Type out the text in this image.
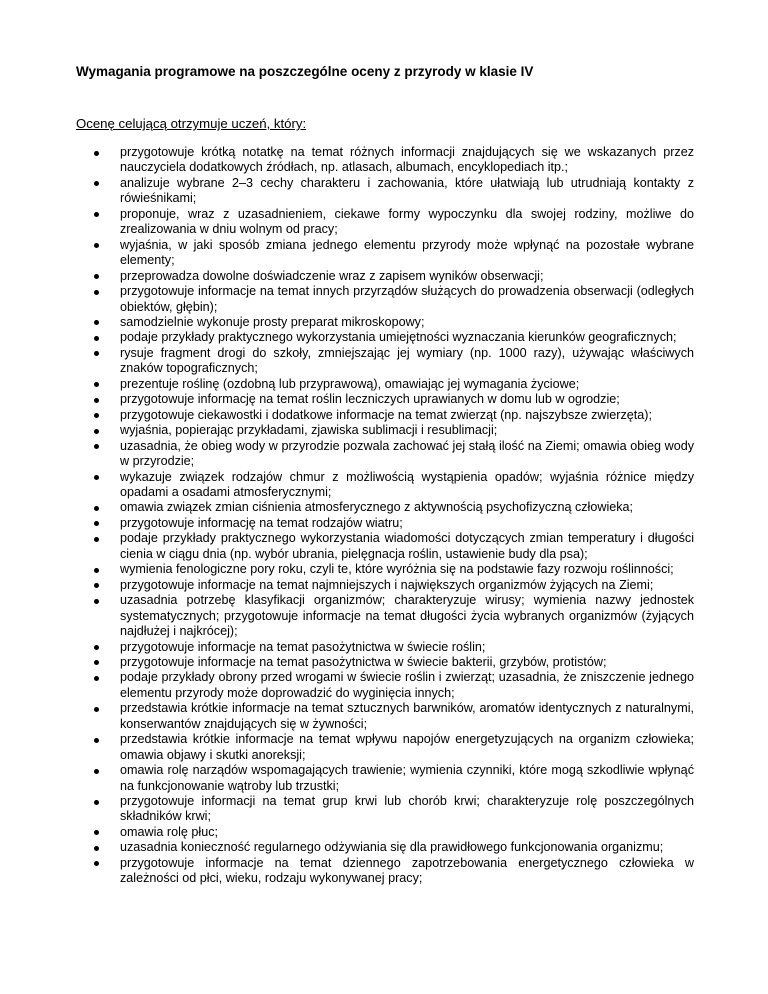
Wymagania programowe na poszczególne oceny z przyrody w klasie IV
Ocenę celującą otrzymuje uczeń, który:
przygotowuje krótką notatkę na temat różnych informacji znajdujących się we wskazanych przez nauczyciela dodatkowych źródłach, np. atlasach, albumach, encyklopediach itp.;
analizuje wybrane 2–3 cechy charakteru i zachowania, które ułatwiają lub utrudniają kontakty z rówieśnikami;
proponuje, wraz z uzasadnieniem, ciekawe formy wypoczynku dla swojej rodziny, możliwe do zrealizowania w dniu wolnym od pracy;
wyjaśnia, w jaki sposób zmiana jednego elementu przyrody może wpłynąć na pozostałe wybrane elementy;
przeprowadza dowolne doświadczenie wraz z zapisem wyników obserwacji;
przygotowuje informacje na temat innych przyrządów służących do prowadzenia obserwacji (odległych obiektów, głębin);
samodzielnie wykonuje prosty preparat mikroskopowy;
podaje przykłady praktycznego wykorzystania umiejętności wyznaczania kierunków geograficznych;
rysuje fragment drogi do szkoły, zmniejszając jej wymiary (np. 1000 razy), używając właściwych znaków topograficznych;
prezentuje roślinę (ozdobną lub przyprawową), omawiając jej wymagania życiowe;
przygotowuje informację na temat roślin leczniczych uprawianych w domu lub w ogrodzie;
przygotowuje ciekawostki i dodatkowe informacje na temat zwierząt (np. najszybsze zwierzęta);
wyjaśnia, popierając przykładami, zjawiska sublimacji i resublimacji;
uzasadnia, że obieg wody w przyrodzie pozwala zachować jej stałą ilość na Ziemi; omawia obieg wody w przyrodzie;
wykazuje związek rodzajów chmur z możliwością wystąpienia opadów; wyjaśnia różnice między opadami a osadami atmosferycznymi;
omawia związek zmian ciśnienia atmosferycznego z aktywnością psychofizyczną człowieka;
przygotowuje informację na temat rodzajów wiatru;
podaje przykłady praktycznego wykorzystania wiadomości dotyczących zmian temperatury i długości cienia w ciągu dnia (np. wybór ubrania, pielęgnacja roślin, ustawienie budy dla psa);
wymienia fenologiczne pory roku, czyli te, które wyróżnia się na podstawie fazy rozwoju roślinności;
przygotowuje informacje na temat najmniejszych i największych organizmów żyjących na Ziemi;
uzasadnia potrzebę klasyfikacji organizmów; charakteryzuje wirusy; wymienia nazwy jednostek systematycznych; przygotowuje informacje na temat długości życia wybranych organizmów (żyjących najdłużej i najkrócej);
przygotowuje informacje na temat pasożytnictwa w świecie roślin;
przygotowuje informacje na temat pasożytnictwa w świecie bakterii, grzybów, protistów;
podaje przykłady obrony przed wrogami w świecie roślin i zwierząt; uzasadnia, że zniszczenie jednego elementu przyrody może doprowadzić do wyginięcia innych;
przedstawia krótkie informacje na temat sztucznych barwników, aromatów identycznych z naturalnymi, konserwantów znajdujących się w żywności;
przedstawia krótkie informacje na temat wpływu napojów energetyzujących na organizm człowieka; omawia objawy i skutki anoreksji;
omawia rolę narządów wspomagających trawienie; wymienia czynniki, które mogą szkodliwie wpłynąć na funkcjonowanie wątroby lub trzustki;
przygotowuje informacji na temat grup krwi lub chorób krwi; charakteryzuje rolę poszczególnych składników krwi;
omawia rolę płuc;
uzasadnia konieczność regularnego odżywiania się dla prawidłowego funkcjonowania organizmu;
przygotowuje informacje na temat dziennego zapotrzebowania energetycznego człowieka w zależności od płci, wieku, rodzaju wykonywanej pracy;
